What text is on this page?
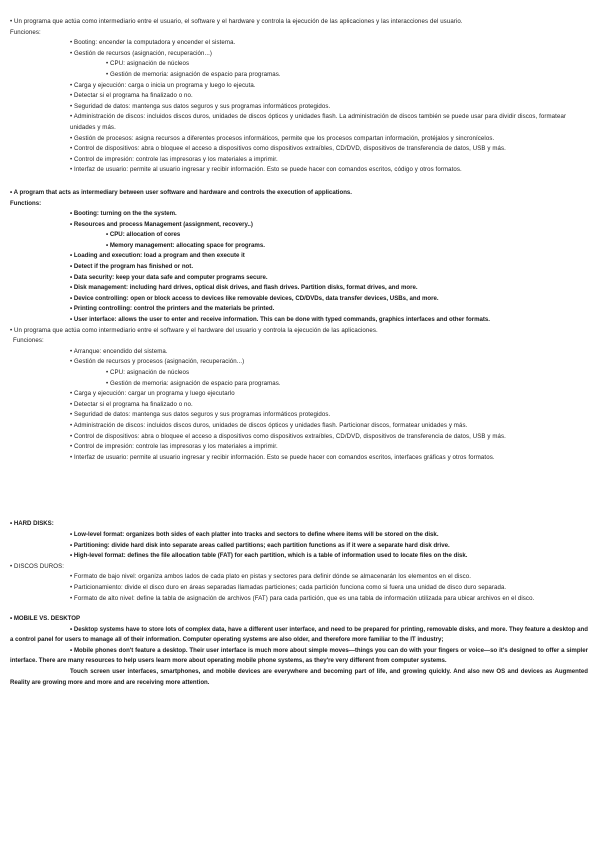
• Un programa que actúa como intermediario entre el usuario, el software y el hardware y controla la ejecución de las aplicaciones y las interacciones del usuario.
Funciones:
• Booting: encender la computadora y encender el sistema.
• Gestión de recursos (asignación, recuperación...)
• CPU: asignación de núcleos
• Gestión de memoria: asignación de espacio para programas.
• Carga y ejecución: carga o inicia un programa y luego lo ejecuta.
• Detectar si el programa ha finalizado o no.
• Seguridad de datos: mantenga sus datos seguros y sus programas informáticos protegidos.
• Administración de discos: incluidos discos duros, unidades de discos ópticos y unidades flash. La administración de discos también se puede usar para dividir discos, formatear unidades y más.
• Gestión de procesos: asigna recursos a diferentes procesos informáticos, permite que los procesos compartan información, protéjalos y sincronícelos.
• Control de dispositivos: abra o bloquee el acceso a dispositivos como dispositivos extraíbles, CD/DVD, dispositivos de transferencia de datos, USB y más.
• Control de impresión: controle las impresoras y los materiales a imprimir.
• Interfaz de usuario: permite al usuario ingresar y recibir información. Esto se puede hacer con comandos escritos, código y otros formatos.
• A program that acts as intermediary between user software and hardware and controls the execution of applications.
Functions:
• Booting: turning on the the system.
• Resources and process Management (assignment, recovery..)
• CPU: allocation of cores
• Memory management: allocating space for programs.
• Loading and execution: load a program and then execute it
• Detect if the program has finished or not.
• Data security: keep your data safe and computer programs secure.
• Disk management: including hard drives, optical disk drives, and flash drives. Partition disks, format drives, and more.
• Device controlling: open or block access to devices like removable devices, CD/DVDs, data transfer devices, USBs, and more.
• Printing controlling: control the printers and the materials be printed.
• User interface: allows the user to enter and receive information. This can be done with typed commands, graphics interfaces and other formats.
• Un programa que actúa como intermediario entre el software y el hardware del usuario y controla la ejecución de las aplicaciones.
Funciones:
• Arranque: encendido del sistema.
• Gestión de recursos y procesos (asignación, recuperación...)
• CPU: asignación de núcleos
• Gestión de memoria: asignación de espacio para programas.
• Carga y ejecución: cargar un programa y luego ejecutarlo
• Detectar si el programa ha finalizado o no.
• Seguridad de datos: mantenga sus datos seguros y sus programas informáticos protegidos.
• Administración de discos: incluidos discos duros, unidades de discos ópticos y unidades flash. Particionar discos, formatear unidades y más.
• Control de dispositivos: abra o bloquee el acceso a dispositivos como dispositivos extraíbles, CD/DVD, dispositivos de transferencia de datos, USB y más.
• Control de impresión: controle las impresoras y los materiales a imprimir.
• Interfaz de usuario: permite al usuario ingresar y recibir información. Esto se puede hacer con comandos escritos, interfaces gráficas y otros formatos.
• HARD DISKS:
• Low-level format: organizes both sides of each platter into tracks and sectors to define where items will be stored on the disk.
• Partitioning: divide hard disk into separate areas called partitions; each partition functions as if it were a separate hard disk drive.
• High-level format: defines the file allocation table (FAT) for each partition, which is a table of information used to locate files on the disk.
• DISCOS DUROS:
• Formato de bajo nivel: organiza ambos lados de cada plato en pistas y sectores para definir dónde se almacenarán los elementos en el disco.
• Particionamiento: divide el disco duro en áreas separadas llamadas particiones; cada partición funciona como si fuera una unidad de disco duro separada.
• Formato de alto nivel: define la tabla de asignación de archivos (FAT) para cada partición, que es una tabla de información utilizada para ubicar archivos en el disco.
• MOBILE VS. DESKTOP
• Desktop systems have to store lots of complex data, have a different user interface, and need to be prepared for printing, removable disks, and more. They feature a desktop and a control panel for users to manage all of their information. Computer operating systems are also older, and therefore more familiar to the IT industry;
• Mobile phones don't feature a desktop. Their user interface is much more about simple moves—things you can do with your fingers or voice—so it's designed to offer a simpler interface. There are many resources to help users learn more about operating mobile phone systems, as they're very different from computer systems.
Touch screen user interfaces, smartphones, and mobile devices are everywhere and becoming part of life, and growing quickly. And also new OS and devices as Augmented Reality are growing more and more and are receiving more attention.
